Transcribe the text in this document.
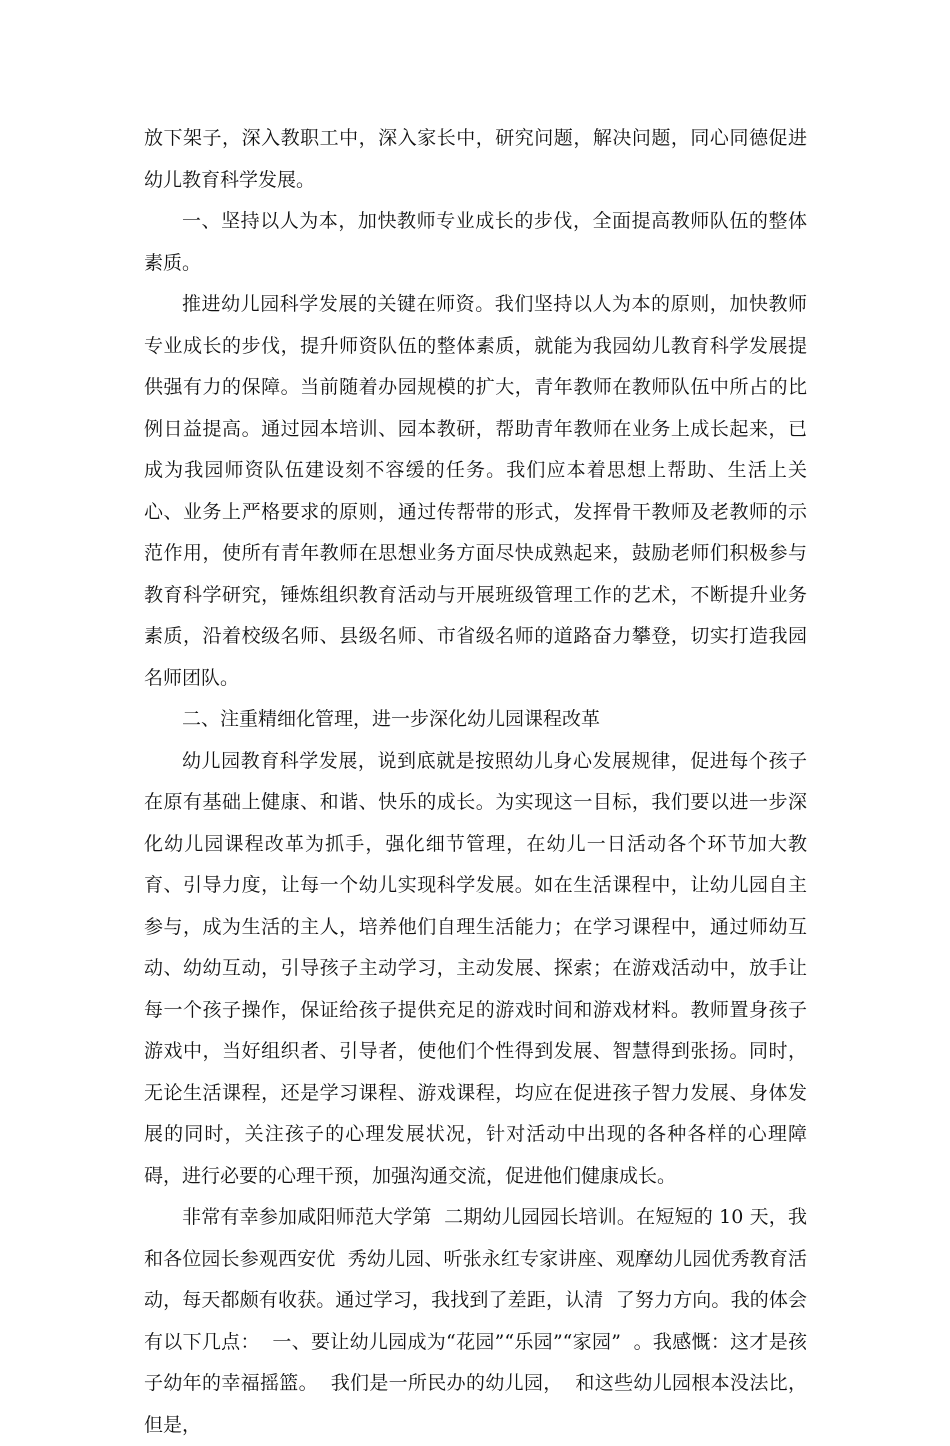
放下架子，深入教职工中，深入家长中，研究问题，解决问题，同心同德促进幼儿教育科学发展。

一、坚持以人为本，加快教师专业成长的步伐，全面提高教师队伍的整体素质。

推进幼儿园科学发展的关键在师资。我们坚持以人为本的原则，加快教师专业成长的步伐，提升师资队伍的整体素质，就能为我园幼儿教育科学发展提供强有力的保障。当前随着办园规模的扩大，青年教师在教师队伍中所占的比例日益提高。通过园本培训、园本教研，帮助青年教师在业务上成长起来，已成为我园师资队伍建设刻不容缓的任务。我们应本着思想上帮助、生活上关心、业务上严格要求的原则，通过传帮带的形式，发挥骨干教师及老教师的示范作用，使所有青年教师在思想业务方面尽快成熟起来，鼓励老师们积极参与教育科学研究，锤炼组织教育活动与开展班级管理工作的艺术，不断提升业务素质，沿着校级名师、县级名师、市省级名师的道路奋力攀登，切实打造我园名师团队。

二、注重精细化管理，进一步深化幼儿园课程改革

幼儿园教育科学发展，说到底就是按照幼儿身心发展规律，促进每个孩子在原有基础上健康、和谐、快乐的成长。为实现这一目标，我们要以进一步深化幼儿园课程改革为抓手，强化细节管理，在幼儿一日活动各个环节加大教育、引导力度，让每一个幼儿实现科学发展。如在生活课程中，让幼儿园自主参与，成为生活的主人，培养他们自理生活能力；在学习课程中，通过师幼互动、幼幼互动，引导孩子主动学习，主动发展、探索；在游戏活动中，放手让每一个孩子操作，保证给孩子提供充足的游戏时间和游戏材料。教师置身孩子游戏中，当好组织者、引导者，使他们个性得到发展、智慧得到张扬。同时，无论生活课程，还是学习课程、游戏课程，均应在促进孩子智力发展、身体发展的同时，关注孩子的心理发展状况，针对活动中出现的各种各样的心理障碍，进行必要的心理干预，加强沟通交流，促进他们健康成长。

非常有幸参加咸阳师范大学第  二期幼儿园园长培训。在短短的 10 天，我和各位园长参观西安优  秀幼儿园、听张永红专家讲座、观摩幼儿园优秀教育活动，每天都颇有收获。通过学习，我找到了差距，认清  了努力方向。我的体会有以下几点：  一、要让幼儿园成为“花园”“乐园”“家园”  。我感慨：这才是孩子幼年的幸福摇篮。  我们是一所民办的幼儿园，  和这些幼儿园根本没法比，  但是，
